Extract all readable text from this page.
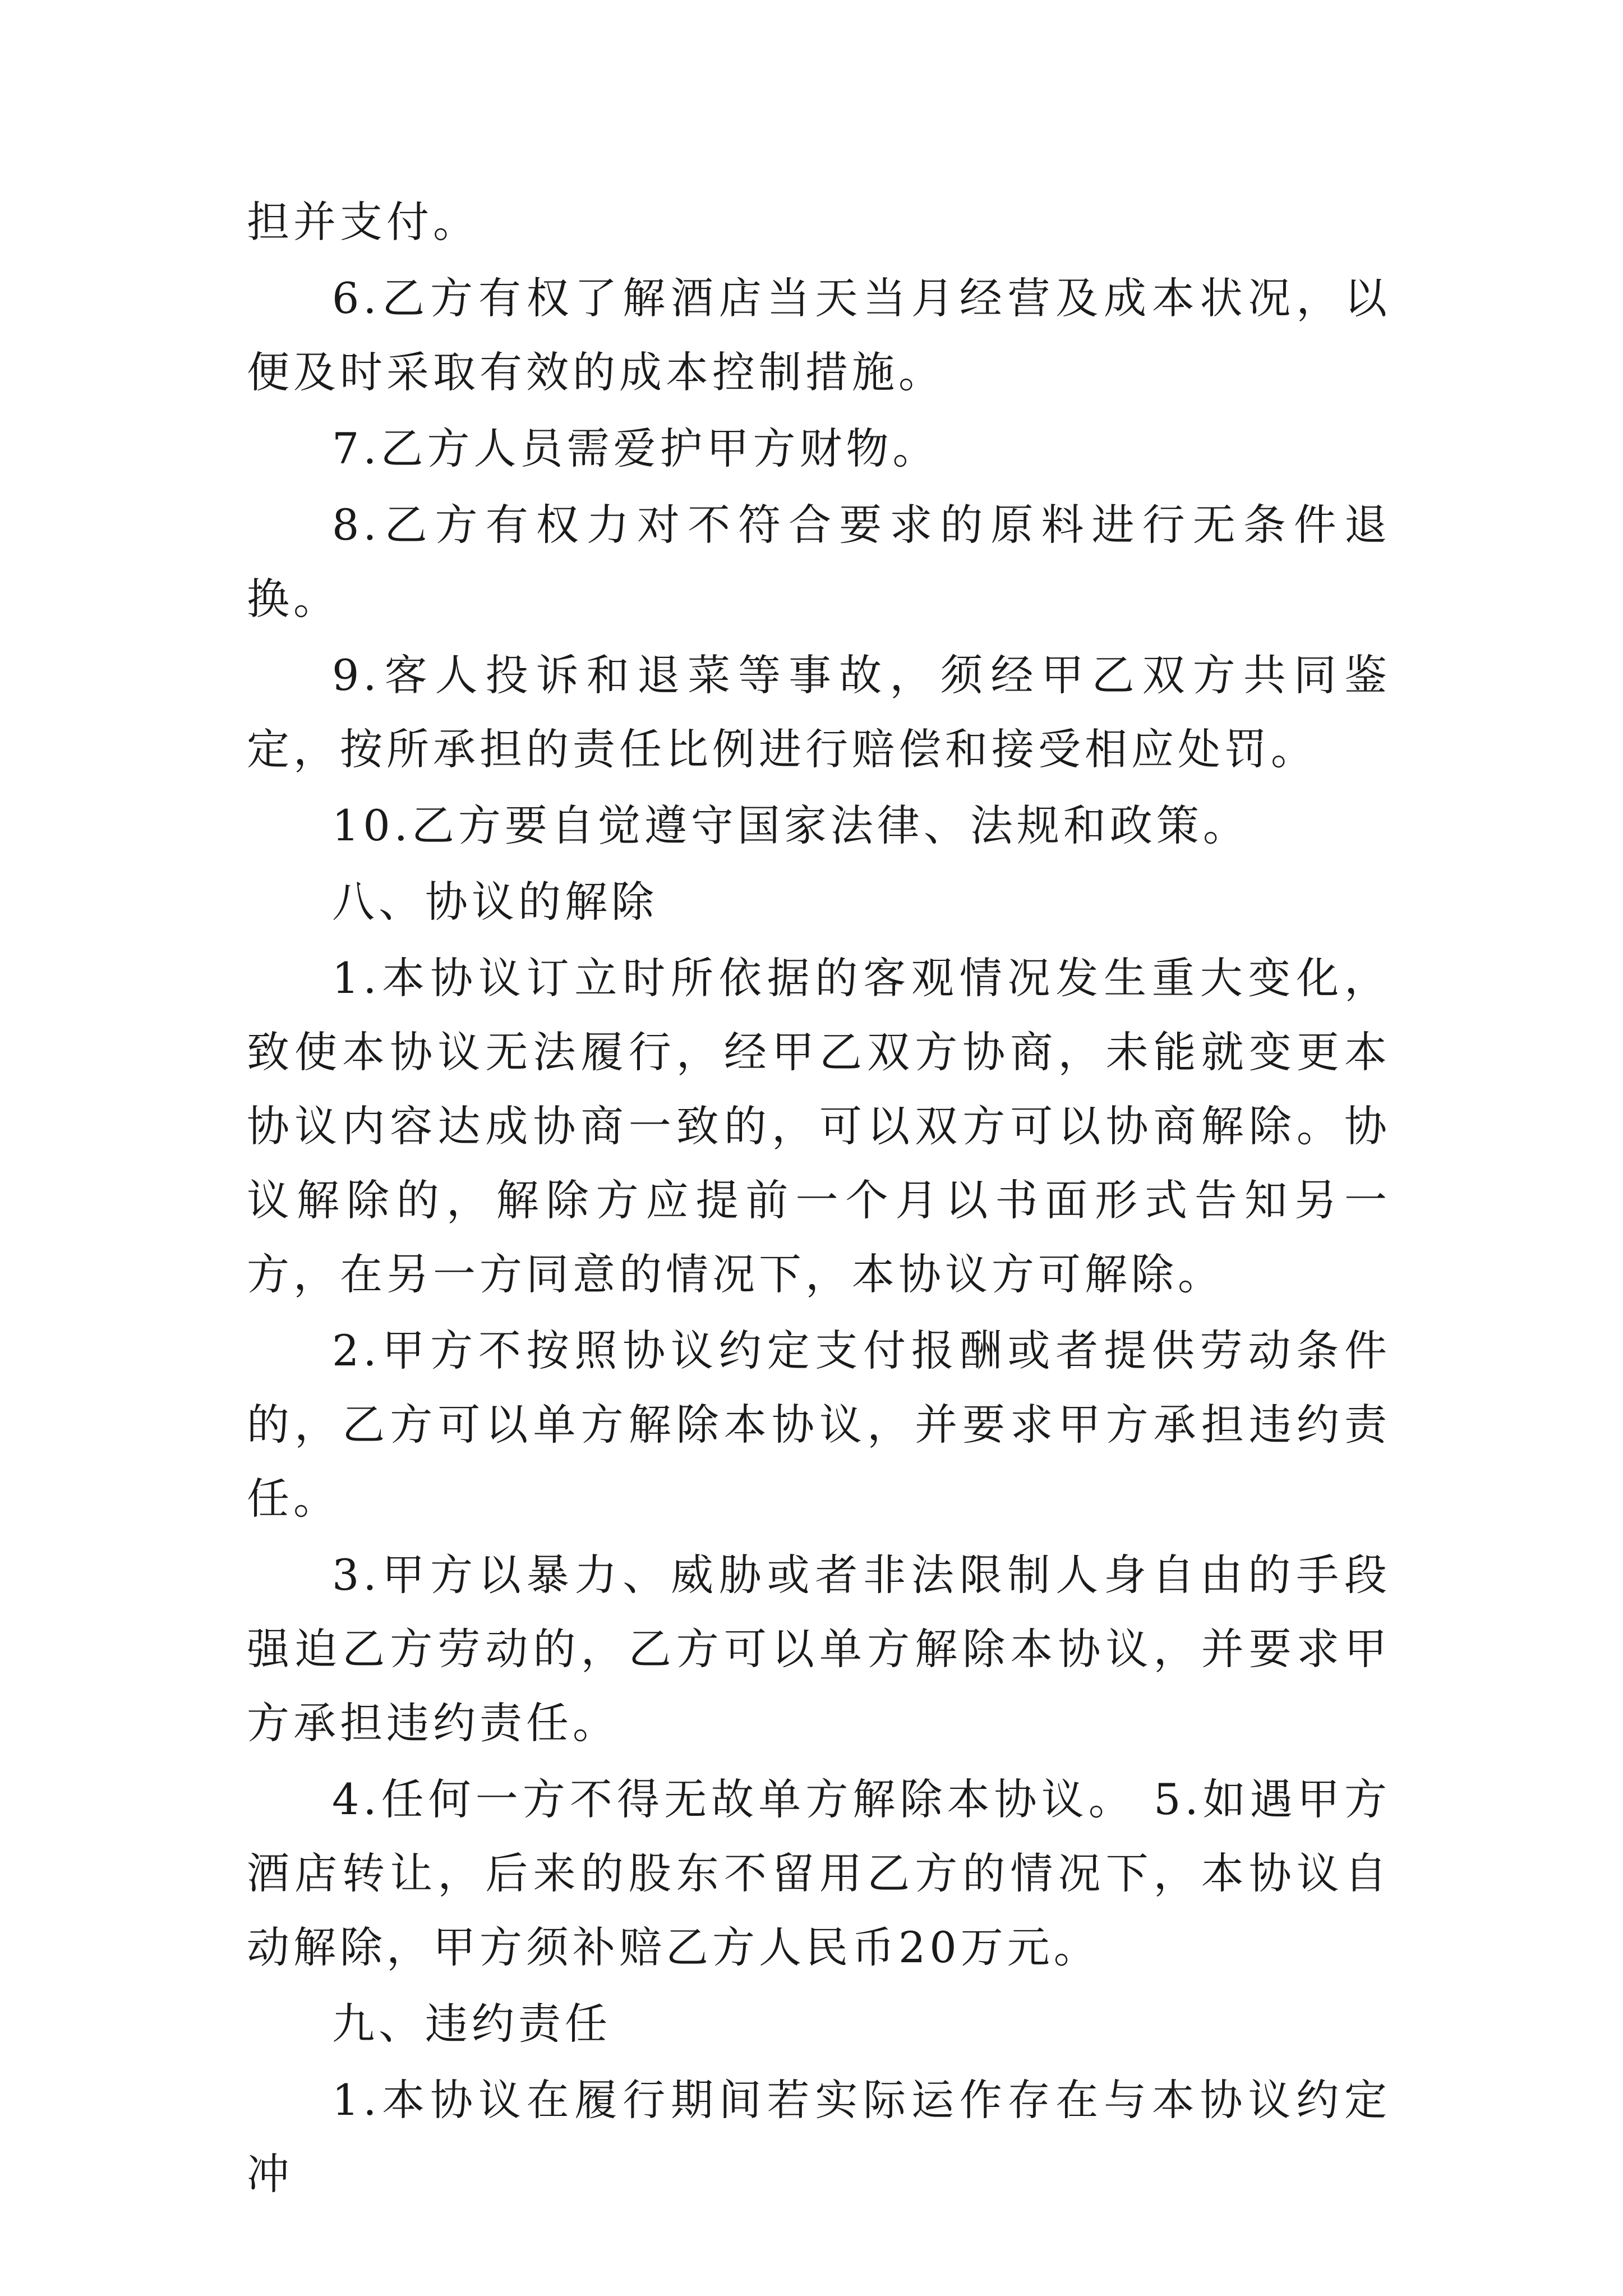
担并支付。

6.乙方有权了解酒店当天当月经营及成本状况，以便及时采取有效的成本控制措施。

7.乙方人员需爱护甲方财物。

8.乙方有权力对不符合要求的原料进行无条件退换。

9.客人投诉和退菜等事故，须经甲乙双方共同鉴定，按所承担的责任比例进行赔偿和接受相应处罚。

10.乙方要自觉遵守国家法律、法规和政策。

八、协议的解除

1.本协议订立时所依据的客观情况发生重大变化，致使本协议无法履行，经甲乙双方协商，未能就变更本协议内容达成协商一致的，可以双方可以协商解除。协议解除的，解除方应提前一个月以书面形式告知另一方，在另一方同意的情况下，本协议方可解除。

2.甲方不按照协议约定支付报酬或者提供劳动条件的，乙方可以单方解除本协议，并要求甲方承担违约责任。

3.甲方以暴力、威胁或者非法限制人身自由的手段强迫乙方劳动的，乙方可以单方解除本协议，并要求甲方承担违约责任。

4.任何一方不得无故单方解除本协议。 5.如遇甲方酒店转让，后来的股东不留用乙方的情况下，本协议自动解除，甲方须补赔乙方人民币20万元。

九、违约责任

1.本协议在履行期间若实际运作存在与本协议约定冲
